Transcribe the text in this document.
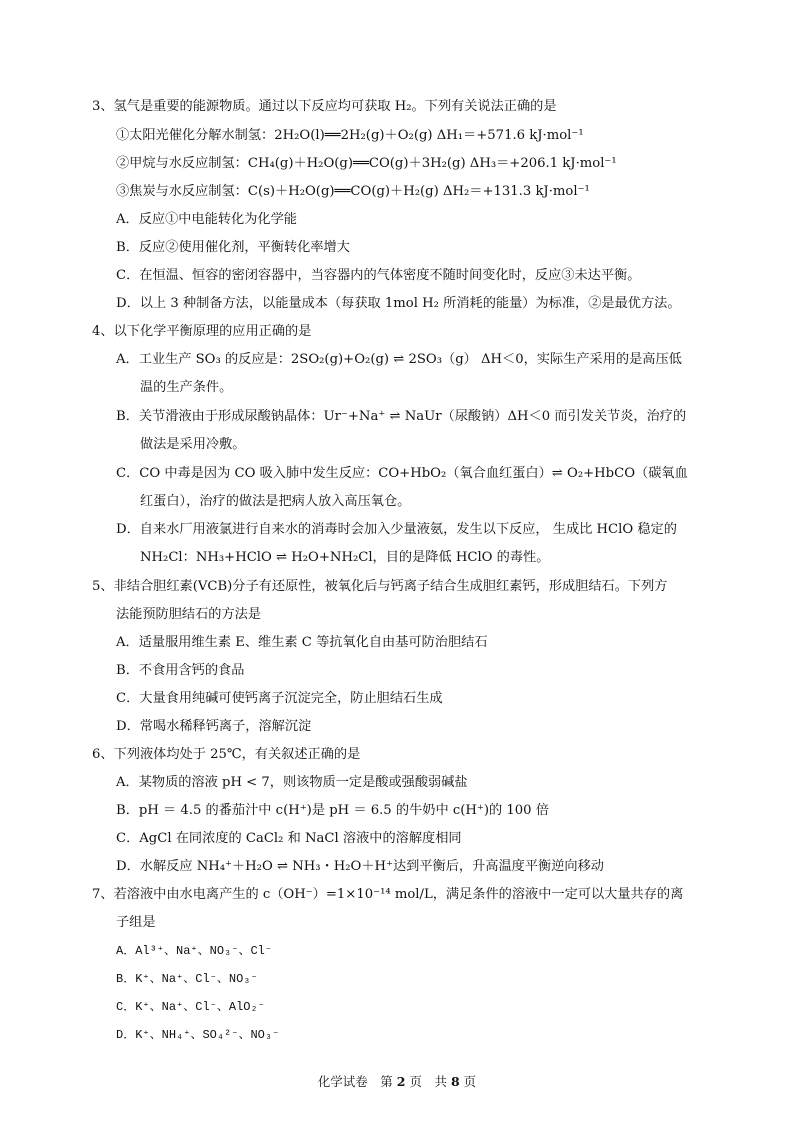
3、氢气是重要的能源物质。通过以下反应均可获取 H₂。下列有关说法正确的是
①太阳光催化分解水制氢：2H₂O(l)══2H₂(g)＋O₂(g) ΔH₁＝+571.6 kJ·mol⁻¹
②甲烷与水反应制氢：CH₄(g)＋H₂O(g)══CO(g)＋3H₂(g) ΔH₃＝+206.1 kJ·mol⁻¹
③焦炭与水反应制氢：C(s)＋H₂O(g)══CO(g)＋H₂(g) ΔH₂＝+131.3 kJ·mol⁻¹
A．反应①中电能转化为化学能
B．反应②使用催化剂，平衡转化率增大
C．在恒温、恒容的密闭容器中，当容器内的气体密度不随时间变化时，反应③未达平衡。
D．以上 3 种制备方法，以能量成本（每获取 1mol H₂ 所消耗的能量）为标准，②是最优方法。
4、以下化学平衡原理的应用正确的是
A．工业生产 SO₃ 的反应是：2SO₂(g)+O₂(g) ⇌ 2SO₃（g） ΔH＜0，实际生产采用的是高压低
温的生产条件。
B．关节滑液由于形成尿酸钠晶体：Ur⁻+Na⁺ ⇌ NaUr（尿酸钠）ΔH＜0 而引发关节炎，治疗的
做法是采用冷敷。
C．CO 中毒是因为 CO 吸入肺中发生反应：CO+HbO₂（氧合血红蛋白）⇌ O₂+HbCO（碳氧血
红蛋白），治疗的做法是把病人放入高压氧仓。
D．自来水厂用液氯进行自来水的消毒时会加入少量液氨，发生以下反应， 生成比 HClO 稳定的
NH₂Cl：NH₃+HClO ⇌ H₂O+NH₂Cl，目的是降低 HClO 的毒性。
5、非结合胆红素(VCB)分子有还原性，被氧化后与钙离子结合生成胆红素钙，形成胆结石。下列方
法能预防胆结石的方法是
A．适量服用维生素 E、维生素 C 等抗氧化自由基可防治胆结石
B．不食用含钙的食品
C．大量食用纯碱可使钙离子沉淀完全，防止胆结石生成
D．常喝水稀释钙离子，溶解沉淀
6、下列液体均处于 25℃，有关叙述正确的是
A．某物质的溶液 pH < 7，则该物质一定是酸或强酸弱碱盐
B．pH ＝ 4.5 的番茄汁中 c(H⁺)是 pH ＝ 6.5 的牛奶中 c(H⁺)的 100 倍
C．AgCl 在同浓度的 CaCl₂ 和 NaCl 溶液中的溶解度相同
D．水解反应 NH₄⁺＋H₂O ⇌ NH₃・H₂O＋H⁺达到平衡后，升高温度平衡逆向移动
7、若溶液中由水电离产生的 c（OH⁻）=1×10⁻¹⁴ mol/L，满足条件的溶液中一定可以大量共存的离
子组是
A．Al³⁺、Na⁺、NO₃⁻、Cl⁻
B．K⁺、Na⁺、Cl⁻、NO₃⁻
C．K⁺、Na⁺、Cl⁻、AlO₂⁻
D．K⁺、NH₄⁺、SO₄²⁻、NO₃⁻
化学试卷　第 2 页　共 8 页
